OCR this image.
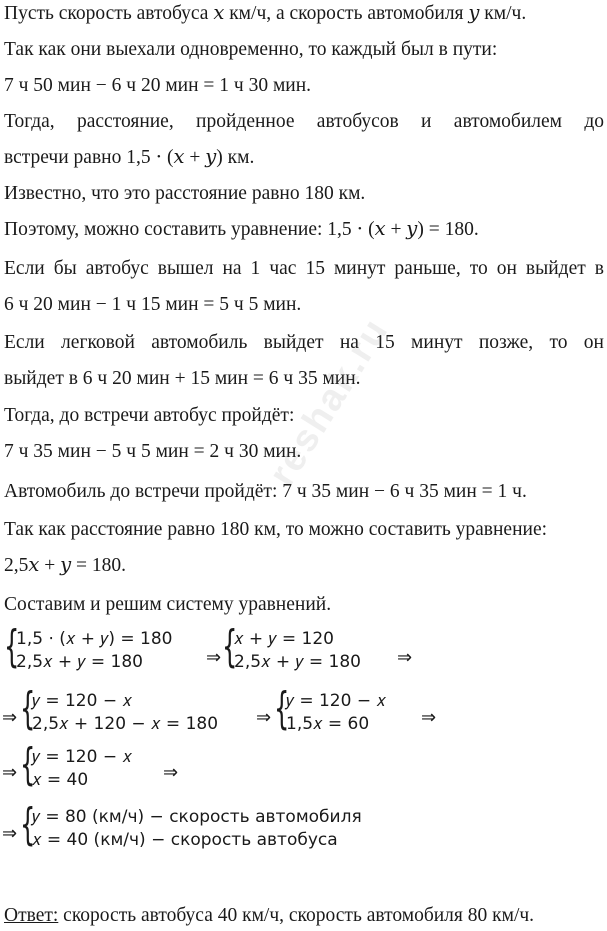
Пусть скорость автобуса 𝑥 км/ч, а скорость автомобиля 𝑦 км/ч.
Так как они выехали одновременно, то каждый был в пути:
7 ч 50 мин − 6 ч 20 мин = 1 ч 30 мин.
Тогда, расстояние, пройденное автобусов и автомобилем до
встречи равно 1,5 ⋅ (𝑥 + 𝑦) км.
Известно, что это расстояние равно 180 км.
Поэтому, можно составить уравнение: 1,5 ⋅ (𝑥 + 𝑦) = 180.
Если бы автобус вышел на 1 час 15 минут раньше, то он выйдет в
6 ч 20 мин − 1 ч 15 мин = 5 ч 5 мин.
Если легковой автомобиль выйдет на 15 минут позже, то он
выйдет в 6 ч 20 мин + 15 мин = 6 ч 35 мин.
Тогда, до встречи автобус пройдёт:
7 ч 35 мин − 5 ч 5 мин = 2 ч 30 мин.
Автомобиль до встречи пройдёт: 7 ч 35 мин − 6 ч 35 мин = 1 ч.
Так как расстояние равно 180 км, то можно составить уравнение:
2,5𝑥 + 𝑦 = 180.
Составим и решим систему уравнений.
{
1,5 ⋅ (𝑥 + 𝑦) = 180
2,5𝑥 + 𝑦 = 180	⇒ {
𝑥 + 𝑦 = 120
2,5𝑥 + 𝑦 = 180 ⇒
⇒ {
𝑦 = 120 − 𝑥
2,5𝑥 + 120 − 𝑥 = 180 ⇒ {
𝑦 = 120 − 𝑥
1,5𝑥 = 60	⇒
⇒ {
𝑦 = 120 − 𝑥
𝑥 = 40	⇒
⇒ {
𝑦 = 80 (км/ч) − скорость автомобиля
𝑥 = 40 (км/ч) − скорость автобуса
Ответ: скорость автобуса 40 км/ч, скорость автомобиля 80 км/ч.
reshak.ru
